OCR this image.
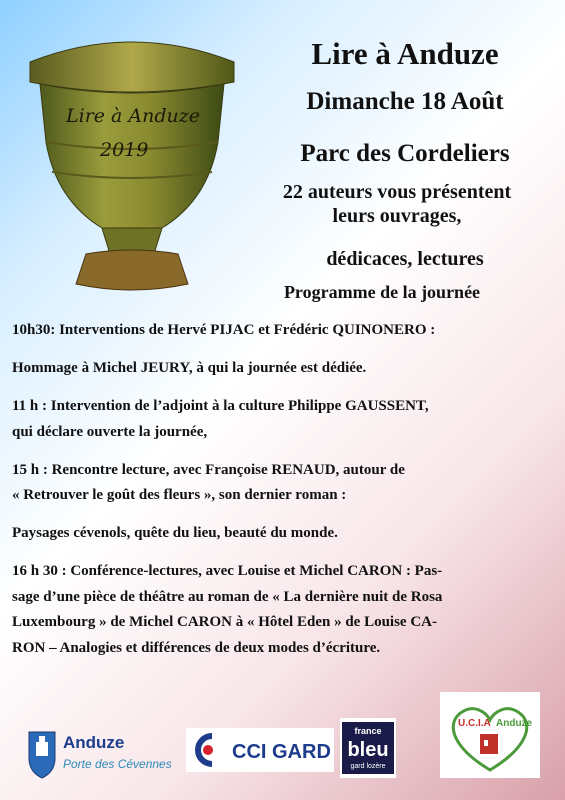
Lire à Anduze
2019
Lire à Anduze
Dimanche 18 Août
Parc des Cordeliers
22 auteurs vous présentent
leurs ouvrages,
dédicaces, lectures
Programme de la journée

10h30: Interventions de Hervé PIJAC et Frédéric QUINONERO :

Hommage à Michel JEURY, à qui la journée est dédiée.

11 h : Intervention de l’adjoint à la culture Philippe GAUSSENT,

qui déclare ouverte la journée,

15 h : Rencontre lecture, avec Françoise RENAUD, autour de

« Retrouver le goût des fleurs », son dernier roman :

Paysages cévenols, quête du lieu, beauté du monde.

16 h 30 : Conférence-lectures, avec Louise et Michel CARON : Pas-

sage d’une pièce de théâtre au roman de « La dernière nuit de Rosa

Luxembourg » de Michel CARON à « Hôtel Eden » de Louise CA-

RON – Analogies et différences de deux modes d’écriture.

Anduze
Porte des Cévennes
CCI GARD
france
bleu
gard lozère
U.C.I.A Anduze
